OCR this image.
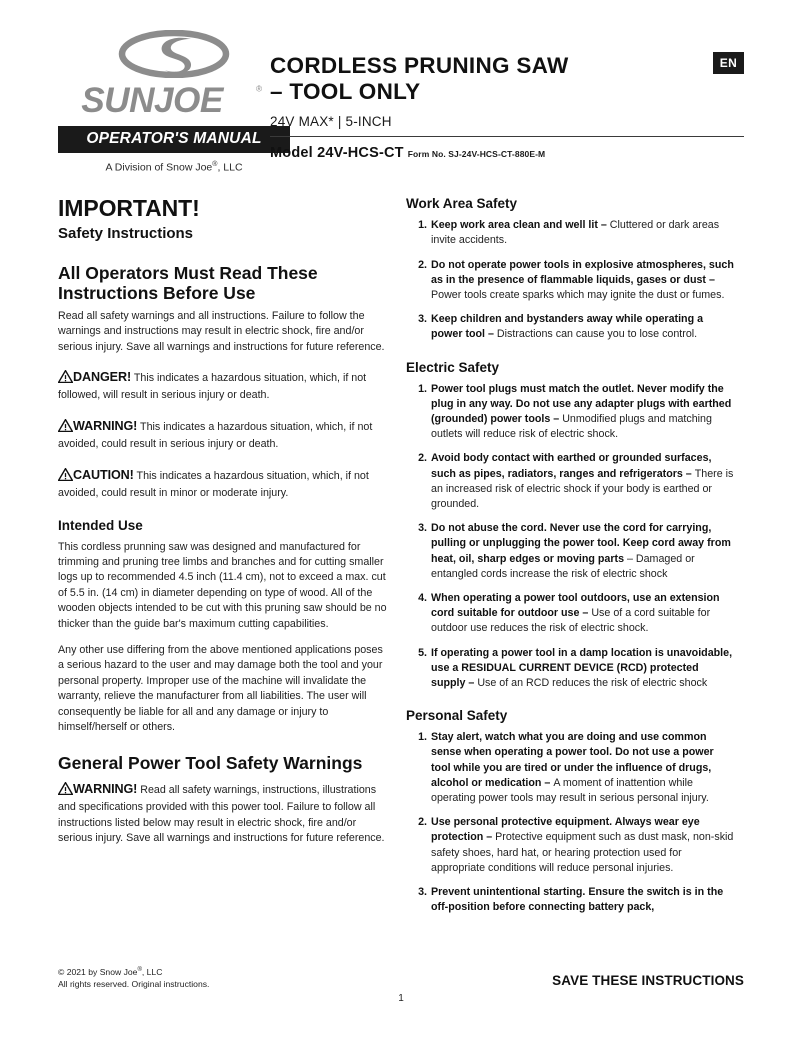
SUNJOE ®
OPERATOR'S MANUAL
A Division of Snow Joe®, LLC
CORDLESS PRUNING SAW
– TOOL ONLY
24V MAX* | 5-INCH
Model 24V-HCS-CT Form No. SJ-24V-HCS-CT-880E-M
EN
IMPORTANT!
Safety Instructions
All Operators Must Read These Instructions Before Use

Read all safety warnings and all instructions. Failure to follow the warnings and instructions may result in electric shock, fire and/or serious injury. Save all warnings and instructions for future reference.

DANGER! This indicates a hazardous situation, which, if not followed, will result in serious injury or death.

WARNING! This indicates a hazardous situation, which, if not avoided, could result in serious injury or death.

CAUTION! This indicates a hazardous situation, which, if not avoided, could result in minor or moderate injury.

Intended Use

This cordless prunning saw was designed and manufactured for trimming and pruning tree limbs and branches and for cutting smaller logs up to recommended 4.5 inch (11.4 cm), not to exceed a max. cut of 5.5 in. (14 cm) in diameter depending on type of wood. All of the wooden objects intended to be cut with this pruning saw should be no thicker than the guide bar's maximum cutting capabilities.

Any other use differing from the above mentioned applications poses a serious hazard to the user and may damage both the tool and your personal property. Improper use of the machine will invalidate the warranty, relieve the manufacturer from all liabilities. The user will consequently be liable for all and any damage or injury to himself/herself or others.

General Power Tool Safety Warnings

WARNING! Read all safety warnings, instructions, illustrations and specifications provided with this power tool. Failure to follow all instructions listed below may result in electric shock, fire and/or serious injury. Save all warnings and instructions for future reference.

Work Area Safety
Keep work area clean and well lit – Cluttered or dark areas invite accidents.
Do not operate power tools in explosive atmospheres, such as in the presence of flammable liquids, gases or dust – Power tools create sparks which may ignite the dust or fumes.
Keep children and bystanders away while operating a power tool – Distractions can cause you to lose control.
Electric Safety
Power tool plugs must match the outlet. Never modify the plug in any way. Do not use any adapter plugs with earthed (grounded) power tools – Unmodified plugs and matching outlets will reduce risk of electric shock.
Avoid body contact with earthed or grounded surfaces, such as pipes, radiators, ranges and refrigerators – There is an increased risk of electric shock if your body is earthed or grounded.
Do not abuse the cord. Never use the cord for carrying, pulling or unplugging the power tool. Keep cord away from heat, oil, sharp edges or moving parts – Damaged or entangled cords increase the risk of electric shock
When operating a power tool outdoors, use an extension cord suitable for outdoor use – Use of a cord suitable for outdoor use reduces the risk of electric shock.
If operating a power tool in a damp location is unavoidable, use a RESIDUAL CURRENT DEVICE (RCD) protected supply – Use of an RCD reduces the risk of electric shock
Personal Safety
Stay alert, watch what you are doing and use common sense when operating a power tool. Do not use a power tool while you are tired or under the influence of drugs, alcohol or medication – A moment of inattention while operating power tools may result in serious personal injury.
Use personal protective equipment. Always wear eye protection – Protective equipment such as dust mask, non-skid safety shoes, hard hat, or hearing protection used for appropriate conditions will reduce personal injuries.
Prevent unintentional starting. Ensure the switch is in the off-position before connecting battery pack,
© 2021 by Snow Joe®, LLC
All rights reserved. Original instructions.	SAVE THESE INSTRUCTIONS
1
